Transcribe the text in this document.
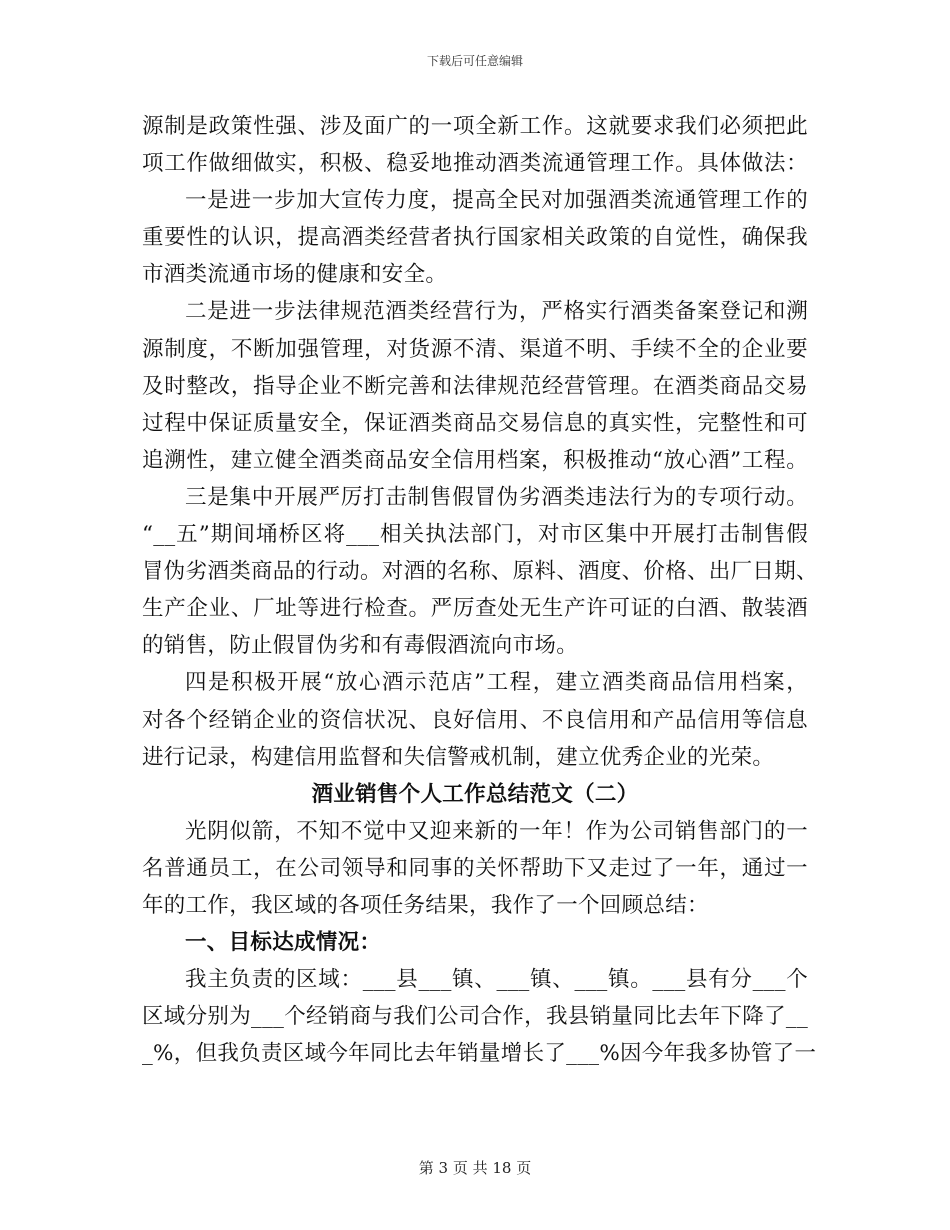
下载后可任意编辑
源制是政策性强、涉及面广的一项全新工作。这就要求我们必须把此
项工作做细做实，积极、稳妥地推动酒类流通管理工作。具体做法：
一是进一步加大宣传力度，提高全民对加强酒类流通管理工作的
重要性的认识，提高酒类经营者执行国家相关政策的自觉性，确保我
市酒类流通市场的健康和安全。
二是进一步法律规范酒类经营行为，严格实行酒类备案登记和溯
源制度，不断加强管理，对货源不清、渠道不明、手续不全的企业要
及时整改，指导企业不断完善和法律规范经营管理。在酒类商品交易
过程中保证质量安全，保证酒类商品交易信息的真实性，完整性和可
追溯性，建立健全酒类商品安全信用档案，积极推动“放心酒”工程。
三是集中开展严厉打击制售假冒伪劣酒类违法行为的专项行动。
“__五”期间埇桥区将___相关执法部门，对市区集中开展打击制售假
冒伪劣酒类商品的行动。对酒的名称、原料、酒度、价格、出厂日期、
生产企业、厂址等进行检查。严厉查处无生产许可证的白酒、散装酒
的销售，防止假冒伪劣和有毒假酒流向市场。
四是积极开展“放心酒示范店”工程，建立酒类商品信用档案，
对各个经销企业的资信状况、良好信用、不良信用和产品信用等信息
进行记录，构建信用监督和失信警戒机制，建立优秀企业的光荣。
酒业销售个人工作总结范文（二）
光阴似箭，不知不觉中又迎来新的一年！作为公司销售部门的一
名普通员工，在公司领导和同事的关怀帮助下又走过了一年，通过一
年的工作，我区域的各项任务结果，我作了一个回顾总结：
一、目标达成情况：
我主负责的区域：___县___镇、___镇、___镇。___县有分___个
区域分别为___个经销商与我们公司合作，我县销量同比去年下降了__
_%，但我负责区域今年同比去年销量增长了___%因今年我多协管了一
第 3 页 共 18 页
